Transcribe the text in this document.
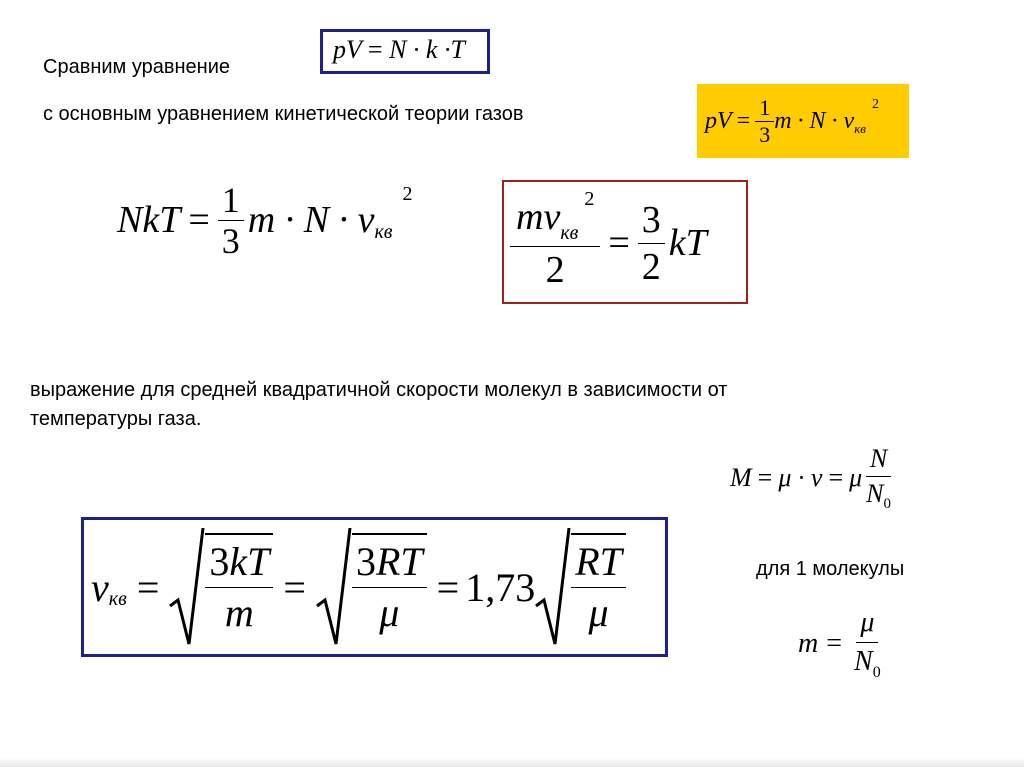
Сравним уравнение
с основным уравнением кинетической теории газов
pV = N · k ·T
pV = $\frac{1}{3}$ m · N · v кв
2
NkT = $\frac{1}{3}$ m · N · v кв
2	$\frac{mv_{кв}^2}{2} = \frac{3}{2}$ kT
выражение для средней квадратичной скорости молекул в зависимости от
температуры газа.
M = μ · ν = μ $\frac{N}{N_0}$
v кв = $\frac{3kT}{m} = \frac{3RT}{\mu} = 1,73 \frac{RT}{\mu}$	для 1 молекулы
$m = \frac{\mu}{N_0}$
